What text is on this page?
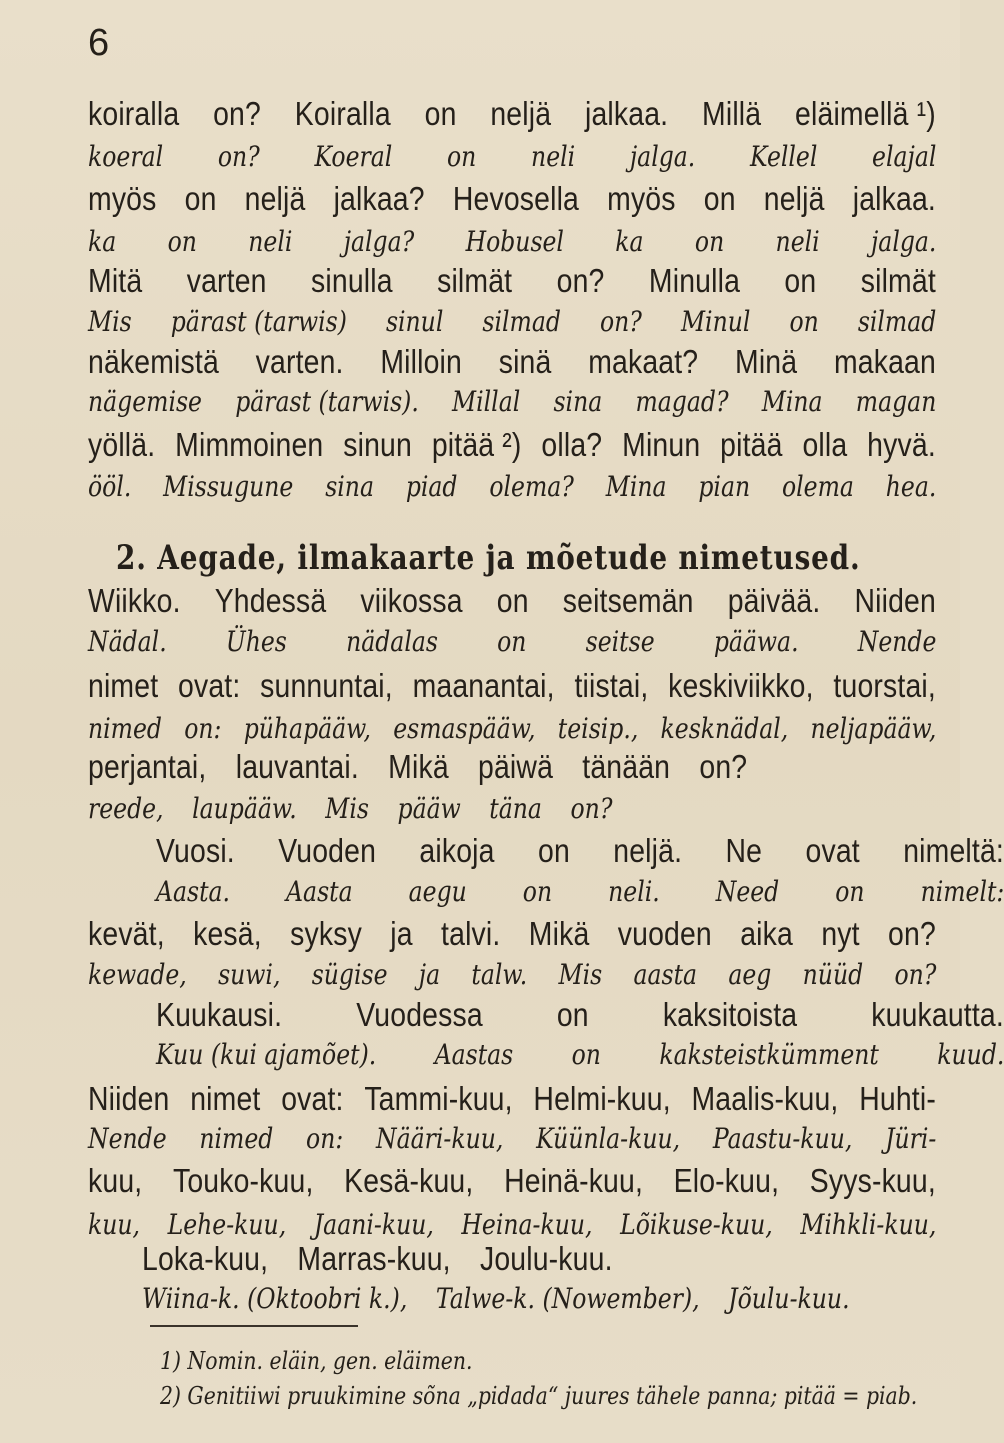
6
koiralla on? Koiralla on neljä jalkaa. Millä eläimellä ¹)
koeral on? Koeral on neli jalga. Kellel elajal
myös on neljä jalkaa? Hevosella myös on neljä jalkaa.
ka on neli jalga? Hobusel ka on neli jalga.
Mitä varten sinulla silmät on? Minulla on silmät
Mis pärast (tarwis) sinul silmad on? Minul on silmad
näkemistä varten. Milloin sinä makaat? Minä makaan
nägemise pärast (tarwis). Millal sina magad? Mina magan
yöllä. Mimmoinen sinun pitää ²) olla? Minun pitää olla hyvä.
ööl. Missugune sina piad olema? Mina pian olema hea.
Wiikko. Yhdessä viikossa on seitsemän päivää. Niiden
Nädal. Ühes nädalas on seitse pääwa. Nende
nimet ovat: sunnuntai, maanantai, tiistai, keskiviikko, tuorstai,
nimed on: pühapääw, esmaspääw, teisip., kesknädal, neljapääw,
perjantai, lauvantai. Mikä päiwä tänään on?
reede, laupääw. Mis pääw täna on?
Vuosi. Vuoden aikoja on neljä. Ne ovat nimeltä:
Aasta. Aasta aegu on neli. Need on nimelt:
kevät, kesä, syksy ja talvi. Mikä vuoden aika nyt on?
kewade, suwi, sügise ja talw. Mis aasta aeg nüüd on?
Kuukausi. Vuodessa on kaksitoista kuukautta.
Kuu (kui ajamõet). Aastas on kaksteistkümment kuud.
Niiden nimet ovat: Tammi-kuu, Helmi-kuu, Maalis-kuu, Huhti-
Nende nimed on: Nääri-kuu, Küünla-kuu, Paastu-kuu, Jüri-
kuu, Touko-kuu, Kesä-kuu, Heinä-kuu, Elo-kuu, Syys-kuu,
kuu, Lehe-kuu, Jaani-kuu, Heina-kuu, Lõikuse-kuu, Mihkli-kuu,
Loka-kuu, Marras-kuu, Joulu-kuu.
Wiina-k. (Oktoobri k.), Talwe-k. (Nowember), Jõulu-kuu.
2. Aegade, ilmakaarte ja mõetude nimetused.
1) Nomin. eläin, gen. eläimen.
2) Genitiiwi pruukimine sõna „pidada“ juures tähele panna; pitää = piab.
